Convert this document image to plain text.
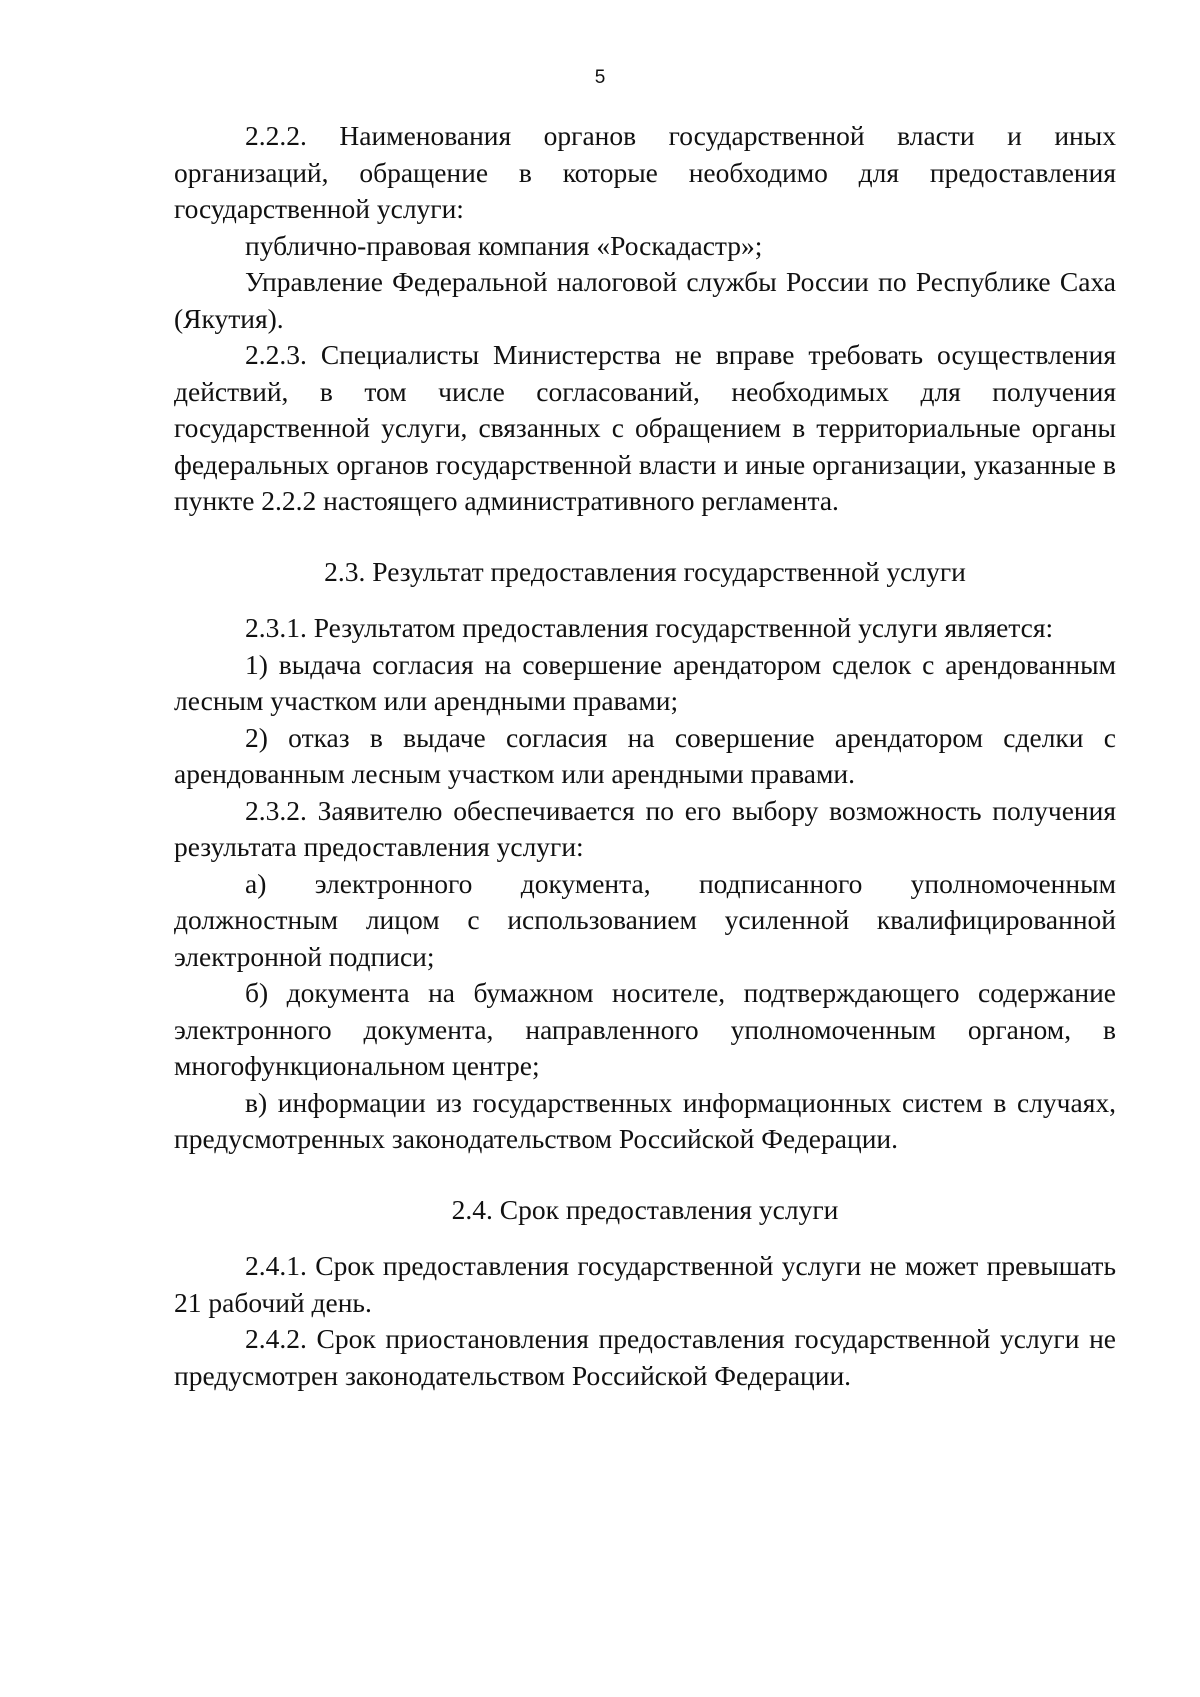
5

2.2.2. Наименования органов государственной власти и иных организаций, обращение в которые необходимо для предоставления государственной услуги:

публично-правовая компания «Роскадастр»;

Управление Федеральной налоговой службы России по Республике Саха (Якутия).

2.2.3. Специалисты Министерства не вправе требовать осуществления действий, в том числе согласований, необходимых для получения государственной услуги, связанных с обращением в территориальные органы федеральных органов государственной власти и иные организации, указанные в пункте 2.2.2 настоящего административного регламента.

2.3. Результат предоставления государственной услуги

2.3.1. Результатом предоставления государственной услуги является:

1) выдача согласия на совершение арендатором сделок с арендованным лесным участком или арендными правами;

2) отказ в выдаче согласия на совершение арендатором сделки с арендованным лесным участком или арендными правами.

2.3.2. Заявителю обеспечивается по его выбору возможность получения результата предоставления услуги:

а) электронного документа, подписанного уполномоченным должностным лицом с использованием усиленной квалифицированной электронной подписи;

б) документа на бумажном носителе, подтверждающего содержание электронного документа, направленного уполномоченным органом, в многофункциональном центре;

в) информации из государственных информационных систем в случаях, предусмотренных законодательством Российской Федерации.

2.4. Срок предоставления услуги

2.4.1. Срок предоставления государственной услуги не может превышать 21 рабочий день.

2.4.2. Срок приостановления предоставления государственной услуги не предусмотрен законодательством Российской Федерации.
